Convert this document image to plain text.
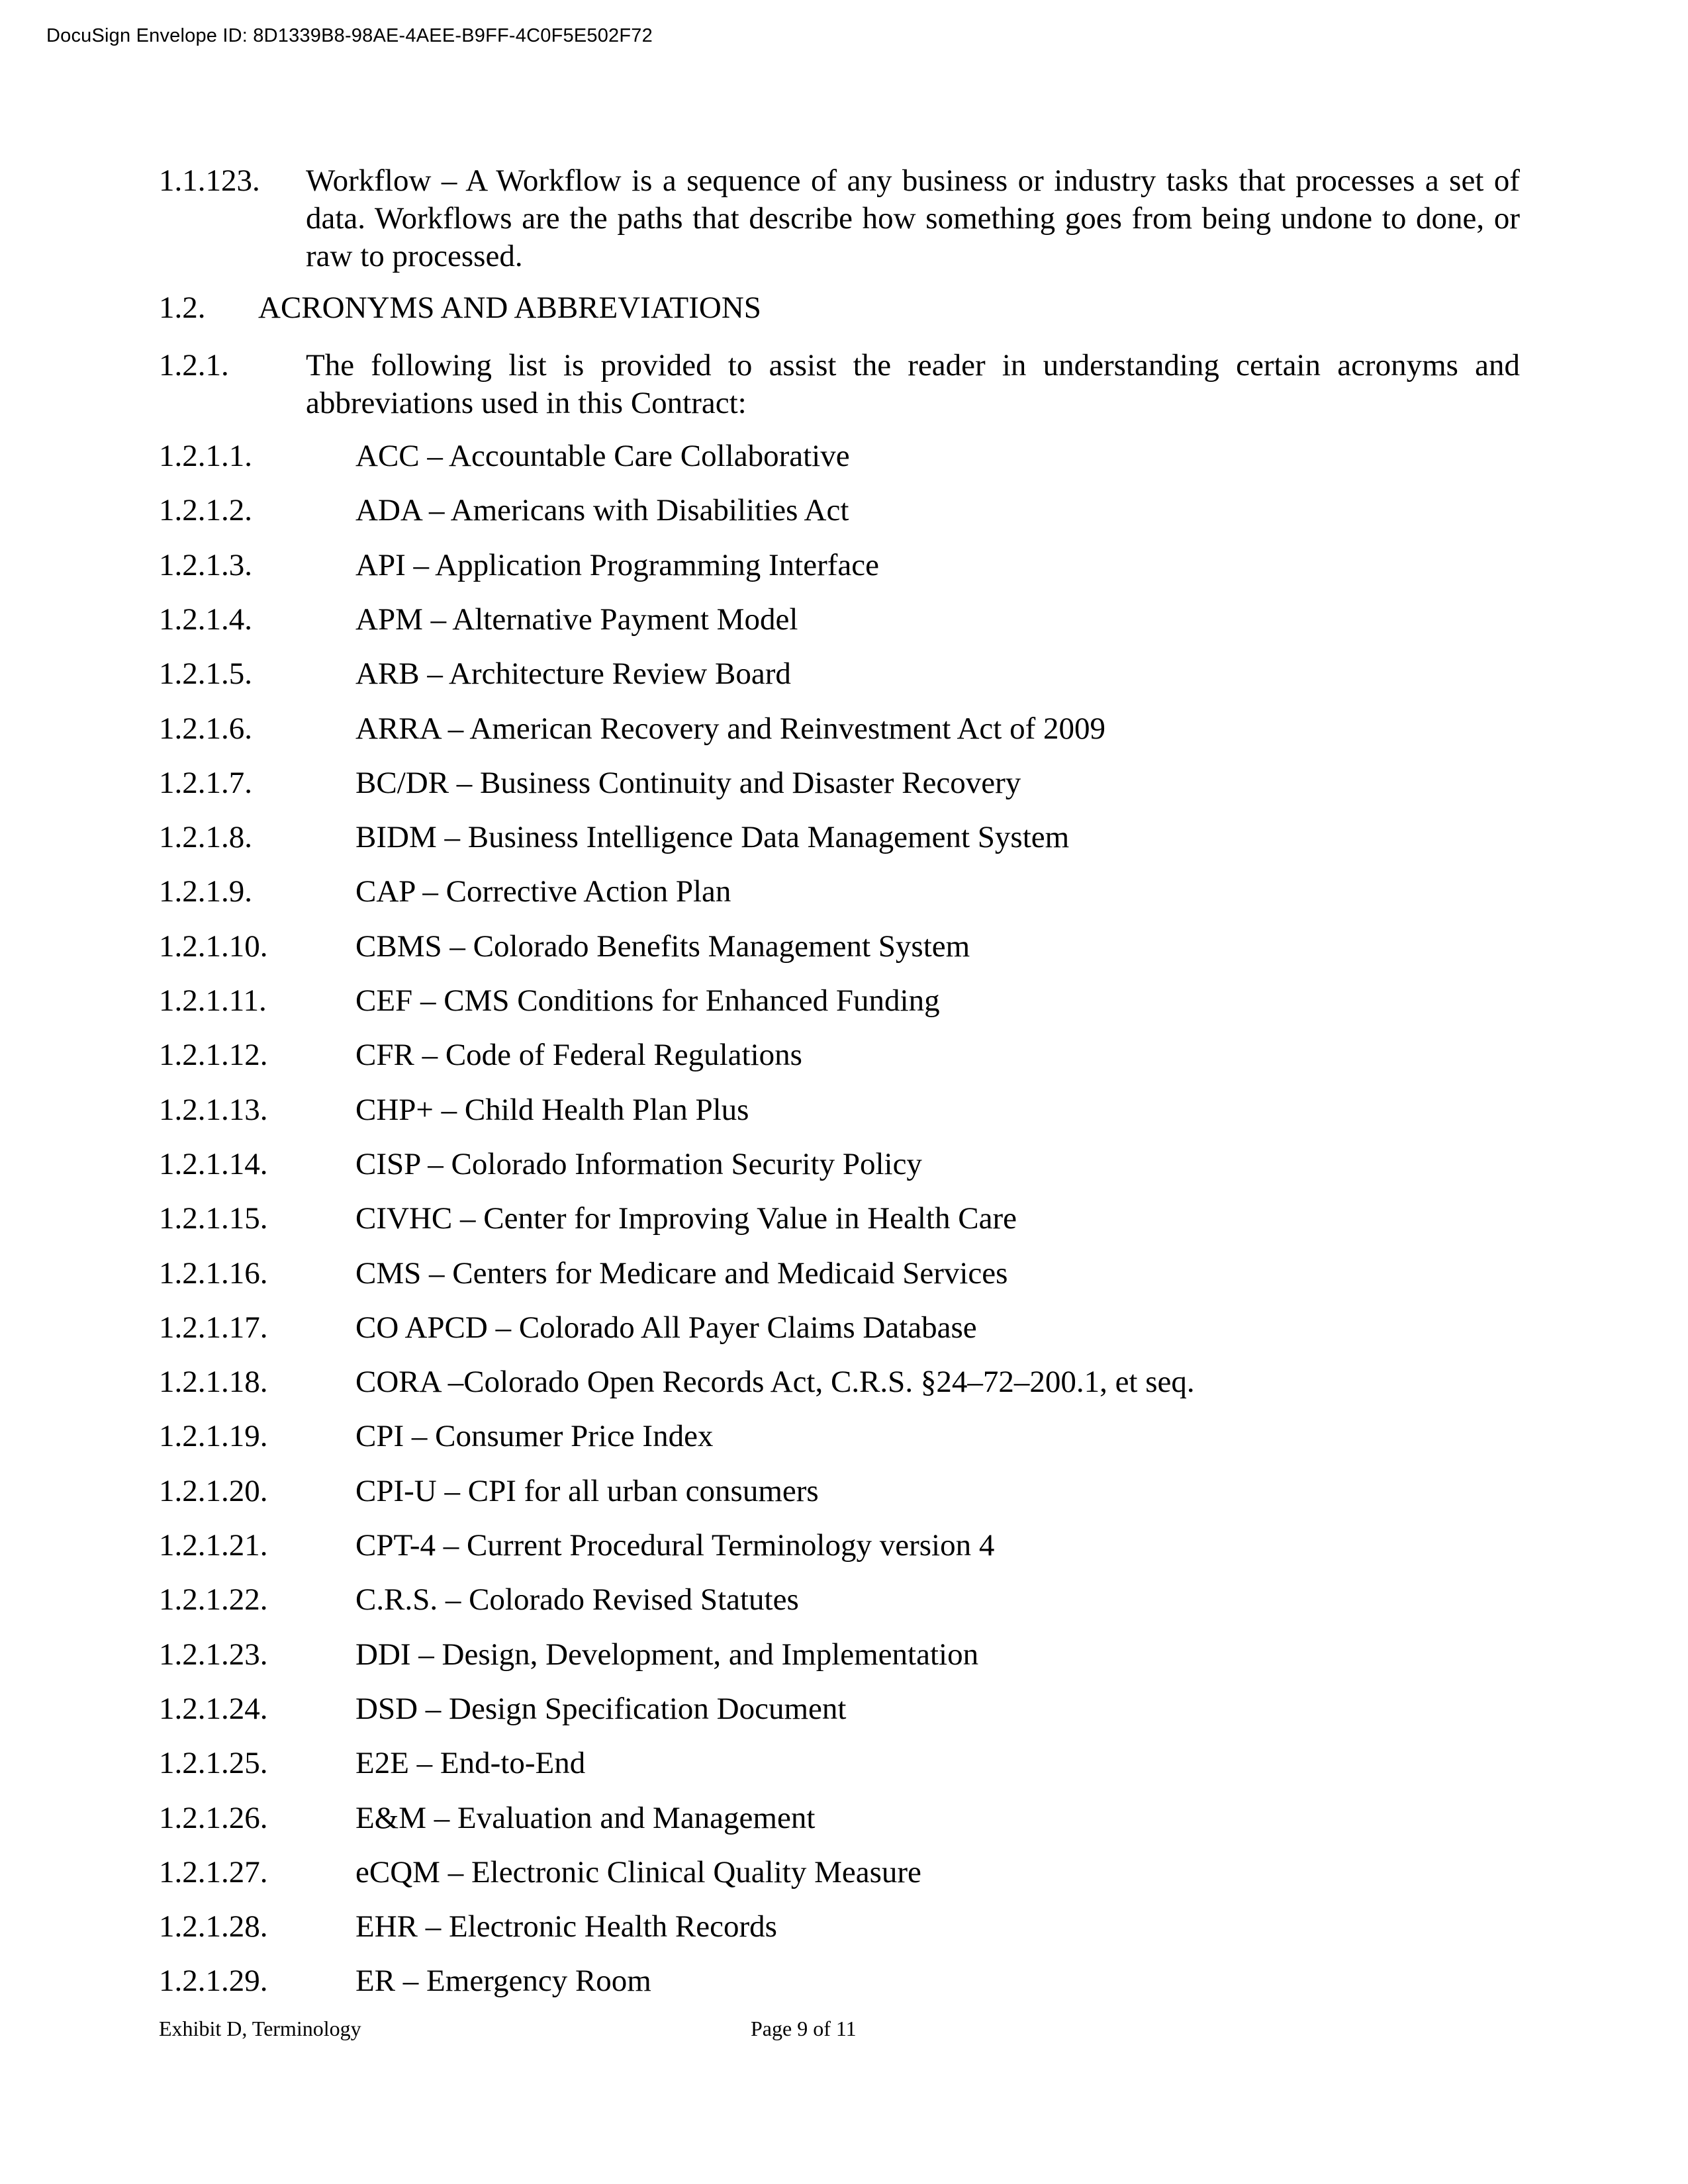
DocuSign Envelope ID: 8D1339B8-98AE-4AEE-B9FF-4C0F5E502F72
1.1.123. Workflow – A Workflow is a sequence of any business or industry tasks that processes a set of data. Workflows are the paths that describe how something goes from being undone to done, or raw to processed.
1.2. ACRONYMS AND ABBREVIATIONS
1.2.1. The following list is provided to assist the reader in understanding certain acronyms and abbreviations used in this Contract:
1.2.1.1.	ACC – Accountable Care Collaborative
1.2.1.2.	ADA – Americans with Disabilities Act
1.2.1.3.	API – Application Programming Interface
1.2.1.4.	APM – Alternative Payment Model
1.2.1.5.	ARB – Architecture Review Board
1.2.1.6.	ARRA – American Recovery and Reinvestment Act of 2009
1.2.1.7.	BC/DR – Business Continuity and Disaster Recovery
1.2.1.8.	BIDM – Business Intelligence Data Management System
1.2.1.9.	CAP – Corrective Action Plan
1.2.1.10.	CBMS – Colorado Benefits Management System
1.2.1.11.	CEF – CMS Conditions for Enhanced Funding
1.2.1.12.	CFR – Code of Federal Regulations
1.2.1.13.	CHP+ – Child Health Plan Plus
1.2.1.14.	CISP – Colorado Information Security Policy
1.2.1.15.	CIVHC – Center for Improving Value in Health Care
1.2.1.16.	CMS – Centers for Medicare and Medicaid Services
1.2.1.17.	CO APCD – Colorado All Payer Claims Database
1.2.1.18.	CORA –Colorado Open Records Act, C.R.S. §24–72–200.1, et seq.
1.2.1.19.	CPI – Consumer Price Index
1.2.1.20.	CPI-U – CPI for all urban consumers
1.2.1.21.	CPT-4 – Current Procedural Terminology version 4
1.2.1.22.	C.R.S. – Colorado Revised Statutes
1.2.1.23.	DDI – Design, Development, and Implementation
1.2.1.24.	DSD – Design Specification Document
1.2.1.25.	E2E – End-to-End
1.2.1.26.	E&M – Evaluation and Management
1.2.1.27.	eCQM – Electronic Clinical Quality Measure
1.2.1.28.	EHR – Electronic Health Records
1.2.1.29.	ER – Emergency Room
Exhibit D, Terminology	Page 9 of 11
